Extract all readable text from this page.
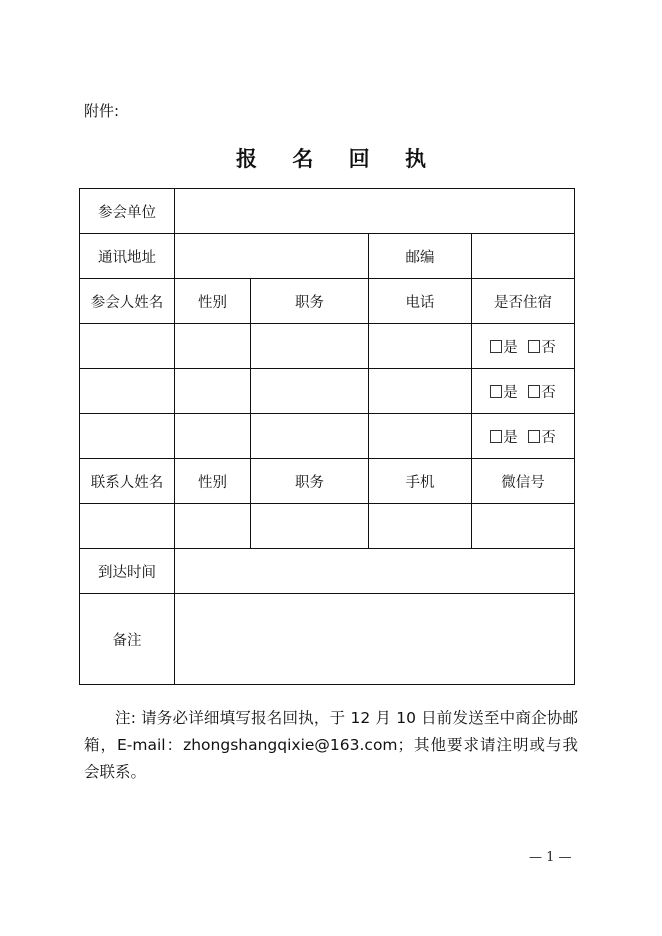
附件:
报 名 回 执
参会单位				
通讯地址			邮编	
参会人姓名	性别	职务	电话	是否住宿
				是 否
				是 否
				是 否
联系人姓名	性别	职务	手机	微信号

到达时间				
备注				
注: 请务必详细填写报名回执，于 12 月 10 日前发送至中商企协邮箱，E-mail：zhongshangqixie@163.com；其他要求请注明或与我会联系。
— 1 —
